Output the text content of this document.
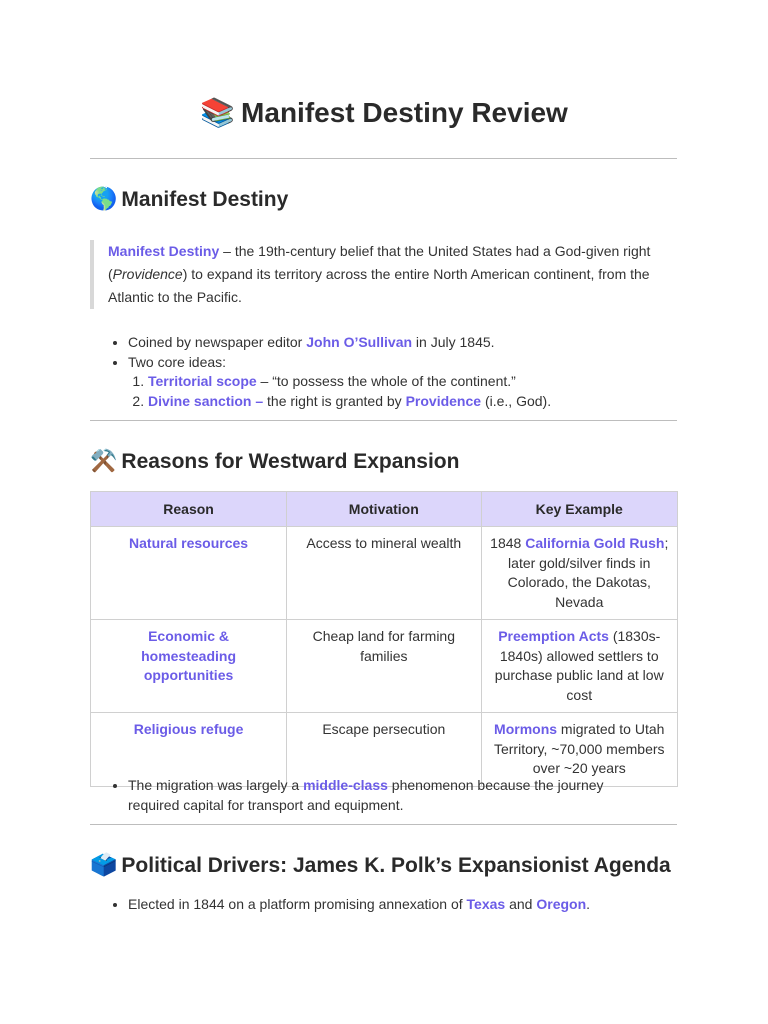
📚 Manifest Destiny Review
🌎 Manifest Destiny
Manifest Destiny – the 19th-century belief that the United States had a God-given right (Providence) to expand its territory across the entire North American continent, from the Atlantic to the Pacific.
• Coined by newspaper editor John O’Sullivan in July 1845.
• Two core ideas:
1. Territorial scope – “to possess the whole of the continent.”
2. Divine sanction – the right is granted by Providence (i.e., God).
⚒️ Reasons for Westward Expansion
Reason	Motivation	Key Example
Natural resources	Access to mineral wealth	1848 California Gold Rush; later gold/silver finds in Colorado, the Dakotas, Nevada
Economic & homesteading opportunities	Cheap land for farming families	Preemption Acts (1830s-1840s) allowed settlers to purchase public land at low cost
Religious refuge	Escape persecution	Mormons migrated to Utah Territory, ~70,000 members over ~20 years
• The migration was largely a middle-class phenomenon because the journey required capital for transport and equipment.
🗳️ Political Drivers: James K. Polk’s Expansionist Agenda
• Elected in 1844 on a platform promising annexation of Texas and Oregon.
